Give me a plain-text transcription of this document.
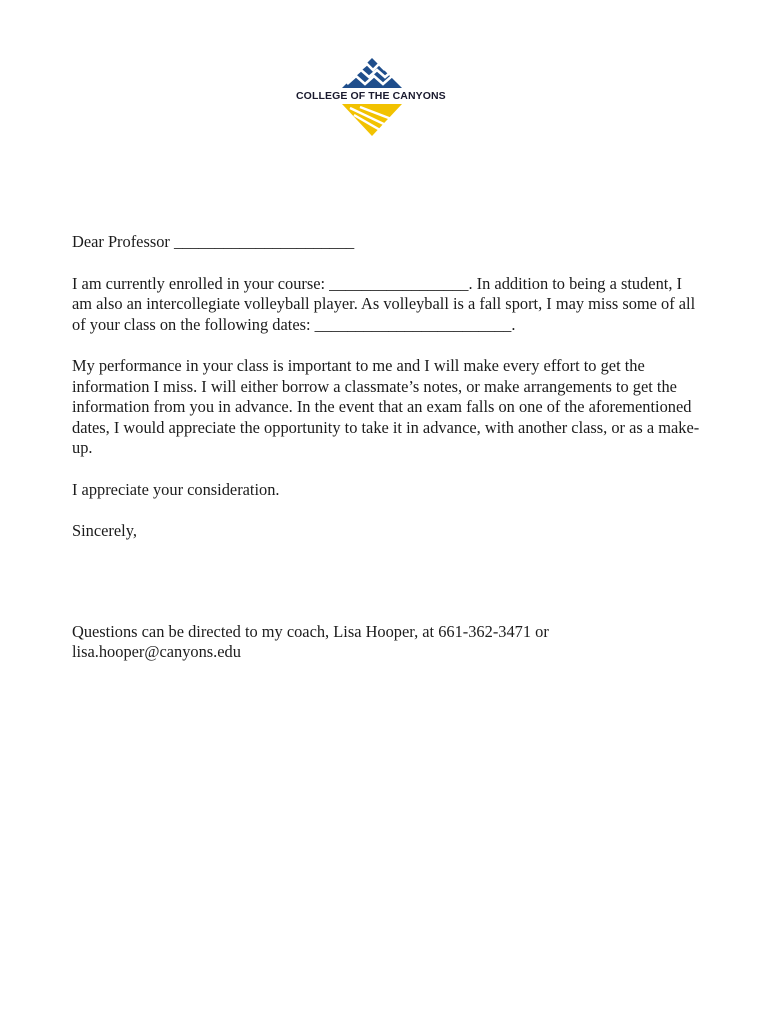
COLLEGE OF THE CANYONS

Dear Professor ______________________

I am currently enrolled in your course: _________________. In addition to being a student, I am also an intercollegiate volleyball player. As volleyball is a fall sport, I may miss some of all of your class on the following dates: ________________________.

My performance in your class is important to me and I will make every effort to get the information I miss. I will either borrow a classmate’s notes, or make arrangements to get the information from you in advance. In the event that an exam falls on one of the aforementioned dates, I would appreciate the opportunity to take it in advance, with another class, or as a make-up.

I appreciate your consideration.

Sincerely,

Questions can be directed to my coach, Lisa Hooper, at 661-362-3471 or lisa.hooper@canyons.edu
